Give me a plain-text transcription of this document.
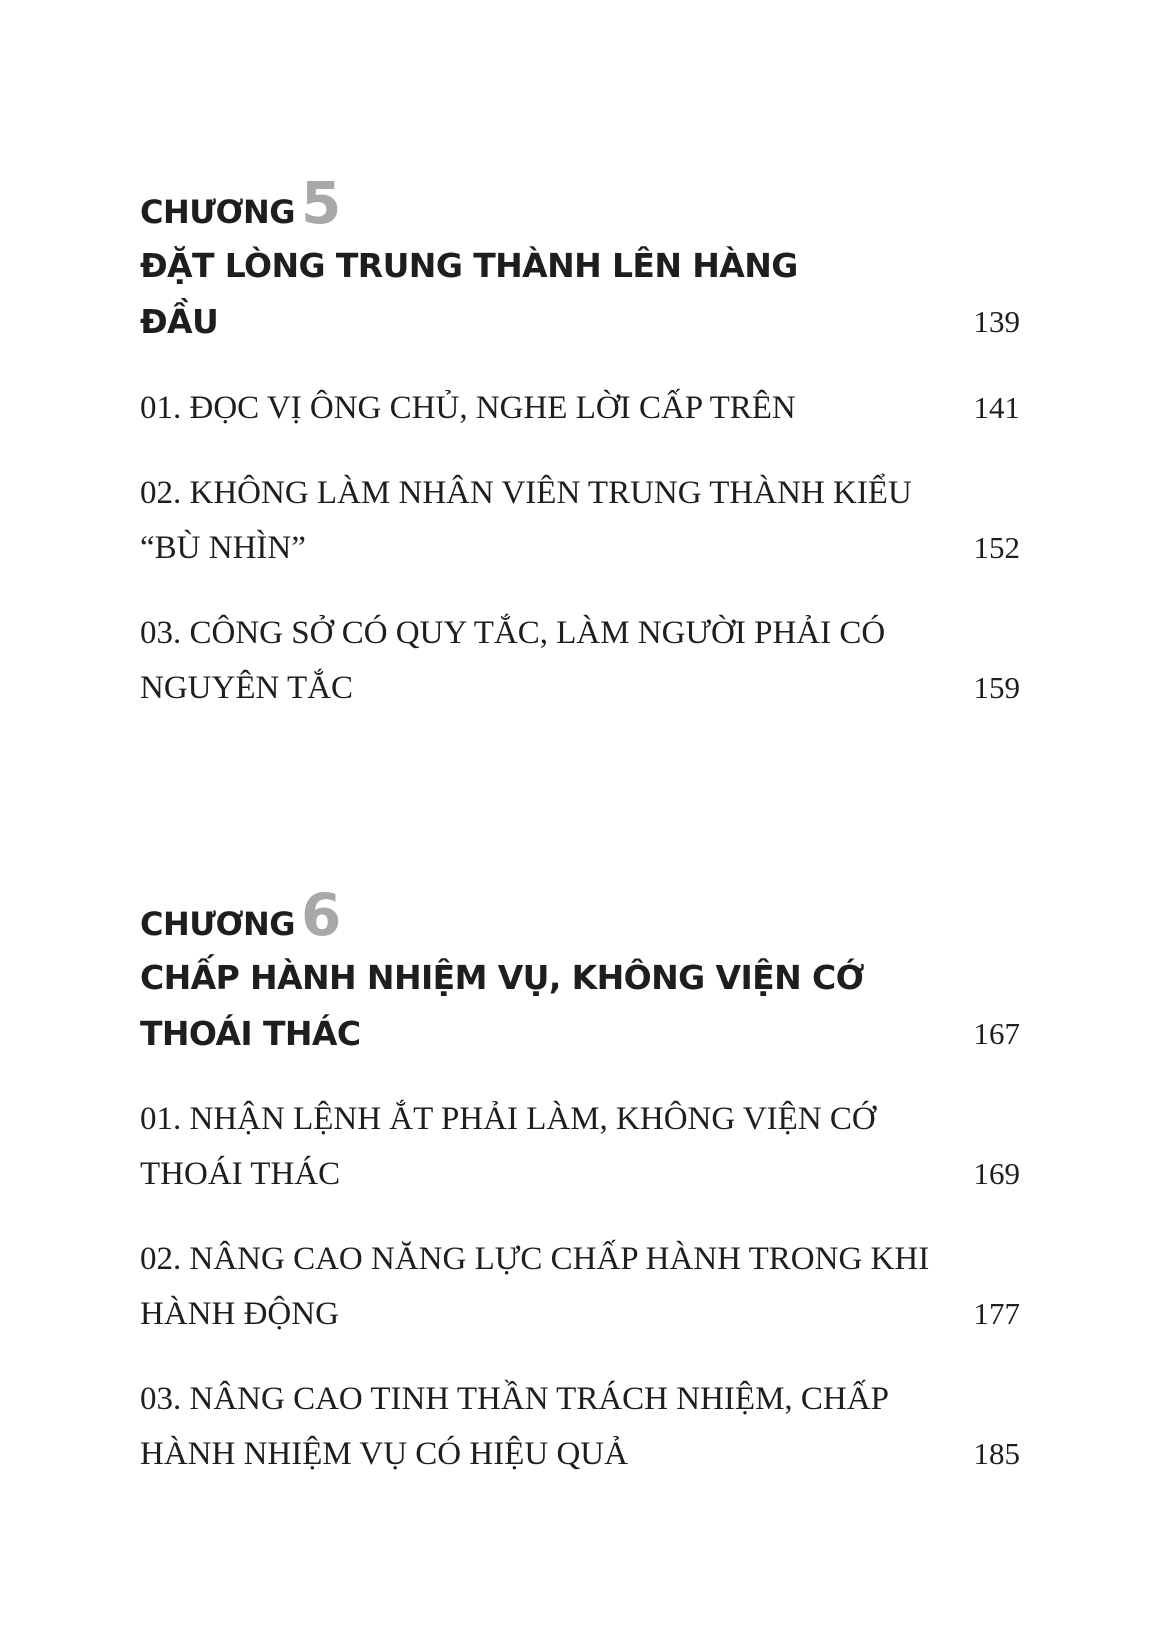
CHƯƠNG 5
ĐẶT LÒNG TRUNG THÀNH LÊN HÀNG ĐẦU	139
01. ĐỌC VỊ ÔNG CHỦ, NGHE LỜI CẤP TRÊN	141
02. KHÔNG LÀM NHÂN VIÊN TRUNG THÀNH KIỂU “BÙ NHÌN”	152
03. CÔNG SỞ CÓ QUY TẮC, LÀM NGƯỜI PHẢI CÓ NGUYÊN TẮC	159
CHƯƠNG 6
CHẤP HÀNH NHIỆM VỤ, KHÔNG VIỆN CỚ THOÁI THÁC	167
01. NHẬN LỆNH ẮT PHẢI LÀM, KHÔNG VIỆN CỚ THOÁI THÁC	169
02. NÂNG CAO NĂNG LỰC CHẤP HÀNH TRONG KHI HÀNH ĐỘNG	177
03. NÂNG CAO TINH THẦN TRÁCH NHIỆM, CHẤP HÀNH NHIỆM VỤ CÓ HIỆU QUẢ	185
